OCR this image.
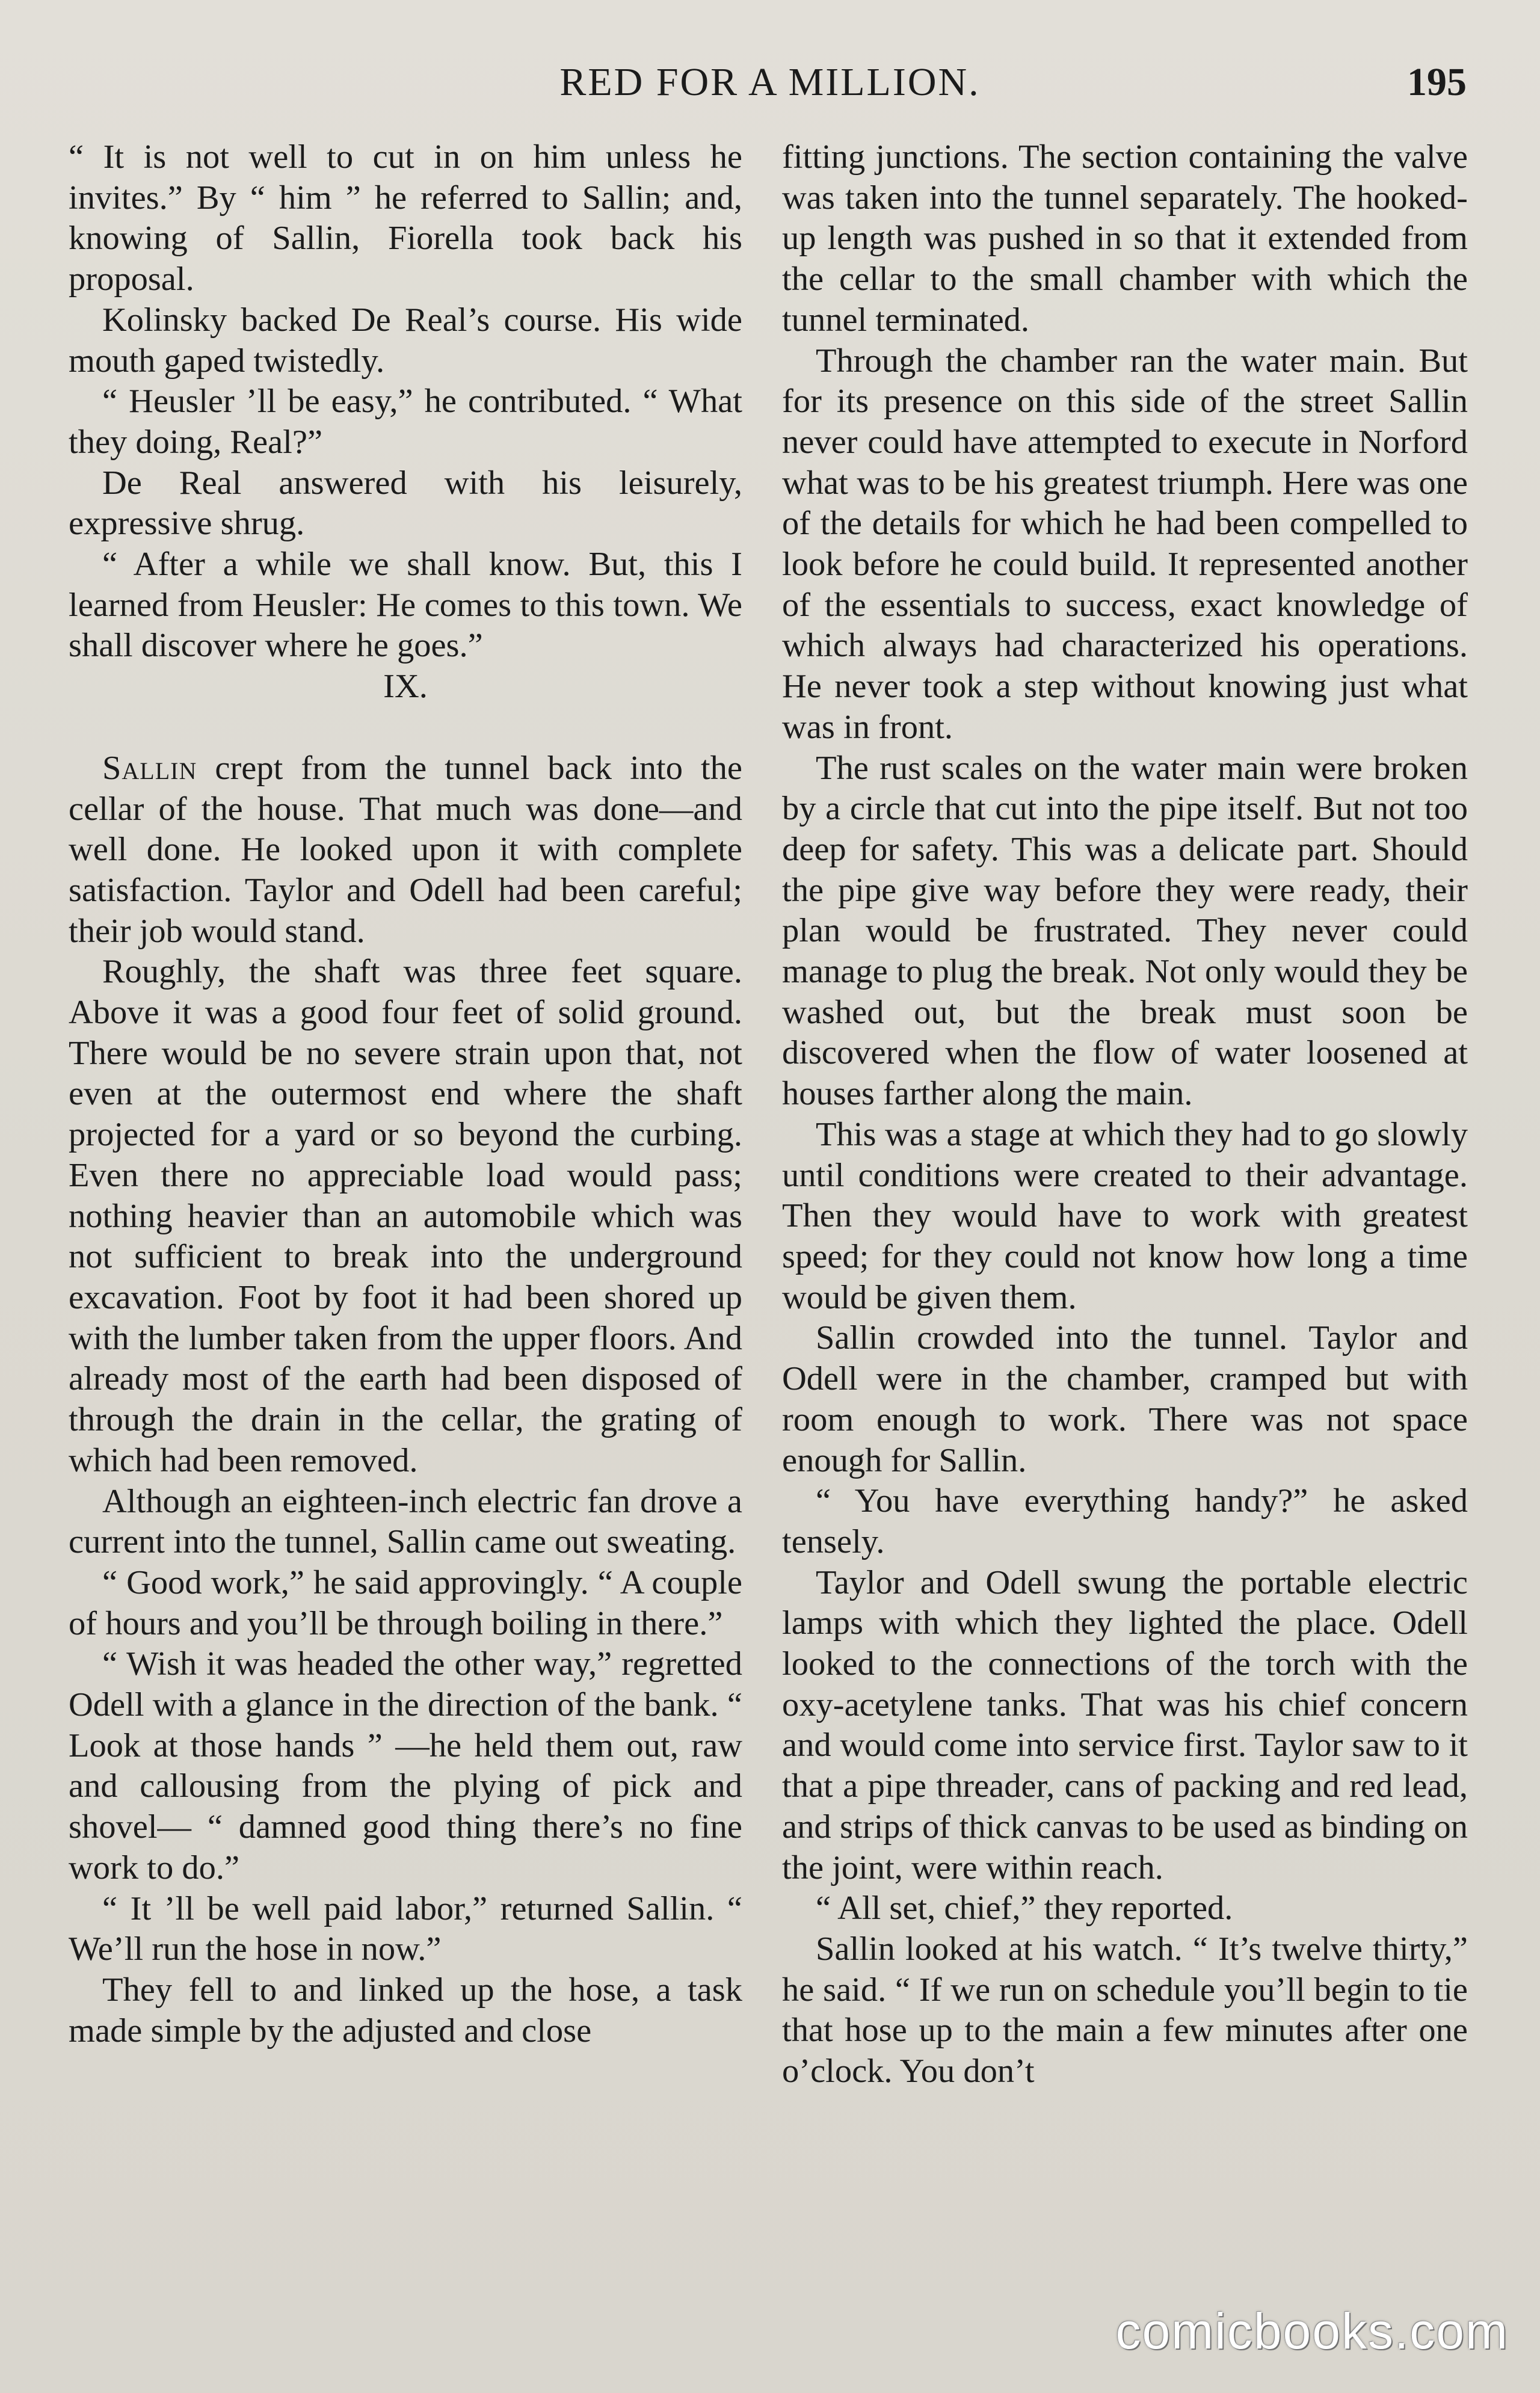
RED FOR A MILLION.	195

“ It is not well to cut in on him unless he invites.” By “ him ” he referred to Sallin; and, knowing of Sallin, Fiorella took back his proposal.

Kolinsky backed De Real’s course. His wide mouth gaped twistedly.

“ Heusler ’ll be easy,” he contributed. “ What they doing, Real?”

De Real answered with his leisurely, expressive shrug.

“ After a while we shall know. But, this I learned from Heusler: He comes to this town. We shall discover where he goes.”

IX.

Sallin crept from the tunnel back into the cellar of the house. That much was done—and well done. He looked upon it with complete satisfaction. Taylor and Odell had been careful; their job would stand.

Roughly, the shaft was three feet square. Above it was a good four feet of solid ground. There would be no severe strain upon that, not even at the outermost end where the shaft projected for a yard or so beyond the curbing. Even there no appreciable load would pass; nothing heavier than an automobile which was not sufficient to break into the underground excavation. Foot by foot it had been shored up with the lumber taken from the upper floors. And already most of the earth had been disposed of through the drain in the cellar, the grating of which had been removed.

Although an eighteen-inch electric fan drove a current into the tunnel, Sallin came out sweating.

“ Good work,” he said approvingly. “ A couple of hours and you’ll be through boiling in there.”

“ Wish it was headed the other way,” regretted Odell with a glance in the direction of the bank. “ Look at those hands ” —he held them out, raw and callousing from the plying of pick and shovel— “ damned good thing there’s no fine work to do.”

“ It ’ll be well paid labor,” returned Sallin. “ We’ll run the hose in now.”

They fell to and linked up the hose, a task made simple by the adjusted and close

fitting junctions. The section containing the valve was taken into the tunnel separately. The hooked-up length was pushed in so that it extended from the cellar to the small chamber with which the tunnel terminated.

Through the chamber ran the water main. But for its presence on this side of the street Sallin never could have attempted to execute in Norford what was to be his greatest triumph. Here was one of the details for which he had been compelled to look before he could build. It represented another of the essentials to success, exact knowledge of which always had characterized his operations. He never took a step without knowing just what was in front.

The rust scales on the water main were broken by a circle that cut into the pipe itself. But not too deep for safety. This was a delicate part. Should the pipe give way before they were ready, their plan would be frustrated. They never could manage to plug the break. Not only would they be washed out, but the break must soon be discovered when the flow of water loosened at houses farther along the main.

This was a stage at which they had to go slowly until conditions were created to their advantage. Then they would have to work with greatest speed; for they could not know how long a time would be given them.

Sallin crowded into the tunnel. Taylor and Odell were in the chamber, cramped but with room enough to work. There was not space enough for Sallin.

“ You have everything handy?” he asked tensely.

Taylor and Odell swung the portable electric lamps with which they lighted the place. Odell looked to the connections of the torch with the oxy-acetylene tanks. That was his chief concern and would come into service first. Taylor saw to it that a pipe threader, cans of packing and red lead, and strips of thick canvas to be used as binding on the joint, were within reach.

“ All set, chief,” they reported.

Sallin looked at his watch. “ It’s twelve thirty,” he said. “ If we run on schedule you’ll begin to tie that hose up to the main a few minutes after one o’clock. You don’t

comicbooks.com
